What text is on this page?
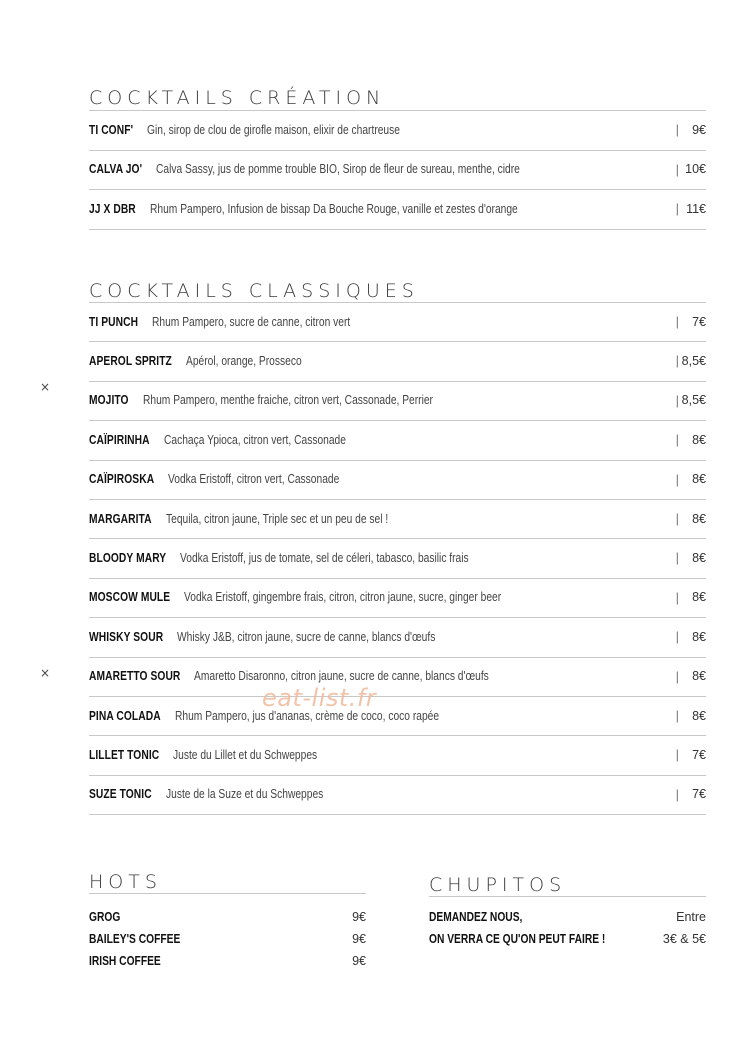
COCKTAILS CRÉATION
TI CONF' Gin, sirop de clou de girofle maison, elixir de chartreuse	| 9€
CALVA JO' Calva Sassy, jus de pomme trouble BIO, Sirop de fleur de sureau, menthe, cidre	| 10€
JJ X DBR Rhum Pampero, Infusion de bissap Da Bouche Rouge, vanille et zestes d'orange	| 11€
COCKTAILS CLASSIQUES
TI PUNCH Rhum Pampero, sucre de canne, citron vert	| 7€
APEROL SPRITZ Apérol, orange, Prosseco	| 8,5€
MOJITO Rhum Pampero, menthe fraiche, citron vert, Cassonade, Perrier	| 8,5€
CAÏPIRINHA Cachaça Ypioca, citron vert, Cassonade	| 8€
CAÏPIROSKA Vodka Eristoff, citron vert, Cassonade	| 8€
MARGARITA Tequila, citron jaune, Triple sec et un peu de sel !	| 8€
BLOODY MARY Vodka Eristoff, jus de tomate, sel de céleri, tabasco, basilic frais	| 8€
MOSCOW MULE Vodka Eristoff, gingembre frais, citron, citron jaune, sucre, ginger beer	| 8€
WHISKY SOUR Whisky J&B, citron jaune, sucre de canne, blancs d'œufs	| 8€
AMARETTO SOUR Amaretto Disaronno, citron jaune, sucre de canne, blancs d'œufs	| 8€
PINA COLADA Rhum Pampero, jus d'ananas, crème de coco, coco rapée	| 8€
LILLET TONIC Juste du Lillet et du Schweppes	| 7€
SUZE TONIC Juste de la Suze et du Schweppes	| 7€
×
×
eat-list.fr
HOTS
GROG	9€
BAILEY'S COFFEE	9€
IRISH COFFEE	9€
CHUPITOS
DEMANDEZ NOUS,	Entre
ON VERRA CE QU'ON PEUT FAIRE !	3€ & 5€
